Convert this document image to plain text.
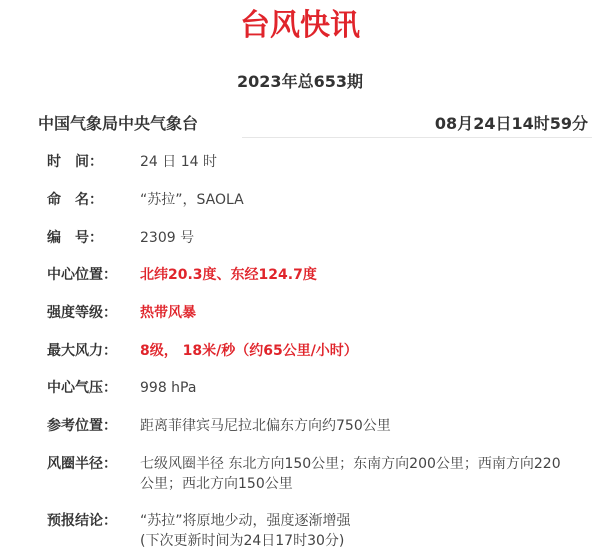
台风快讯
2023年总653期
中国气象局中央气象台	08月24日14时59分
时　间：	24 日 14 时
命　名：	“苏拉”，SAOLA
编　号：	2309 号
中心位置： 北纬20.3度、东经124.7度
强度等级： 热带风暴
最大风力： 8级， 18米/秒（约65公里/小时）
中心气压： 998 hPa
参考位置： 距离菲律宾马尼拉北偏东方向约750公里
风圈半径： 七级风圈半径 东北方向150公里；东南方向200公里；西南方向220
公里；西北方向150公里
预报结论： “苏拉”将原地少动，强度逐渐增强
(下次更新时间为24日17时30分)
